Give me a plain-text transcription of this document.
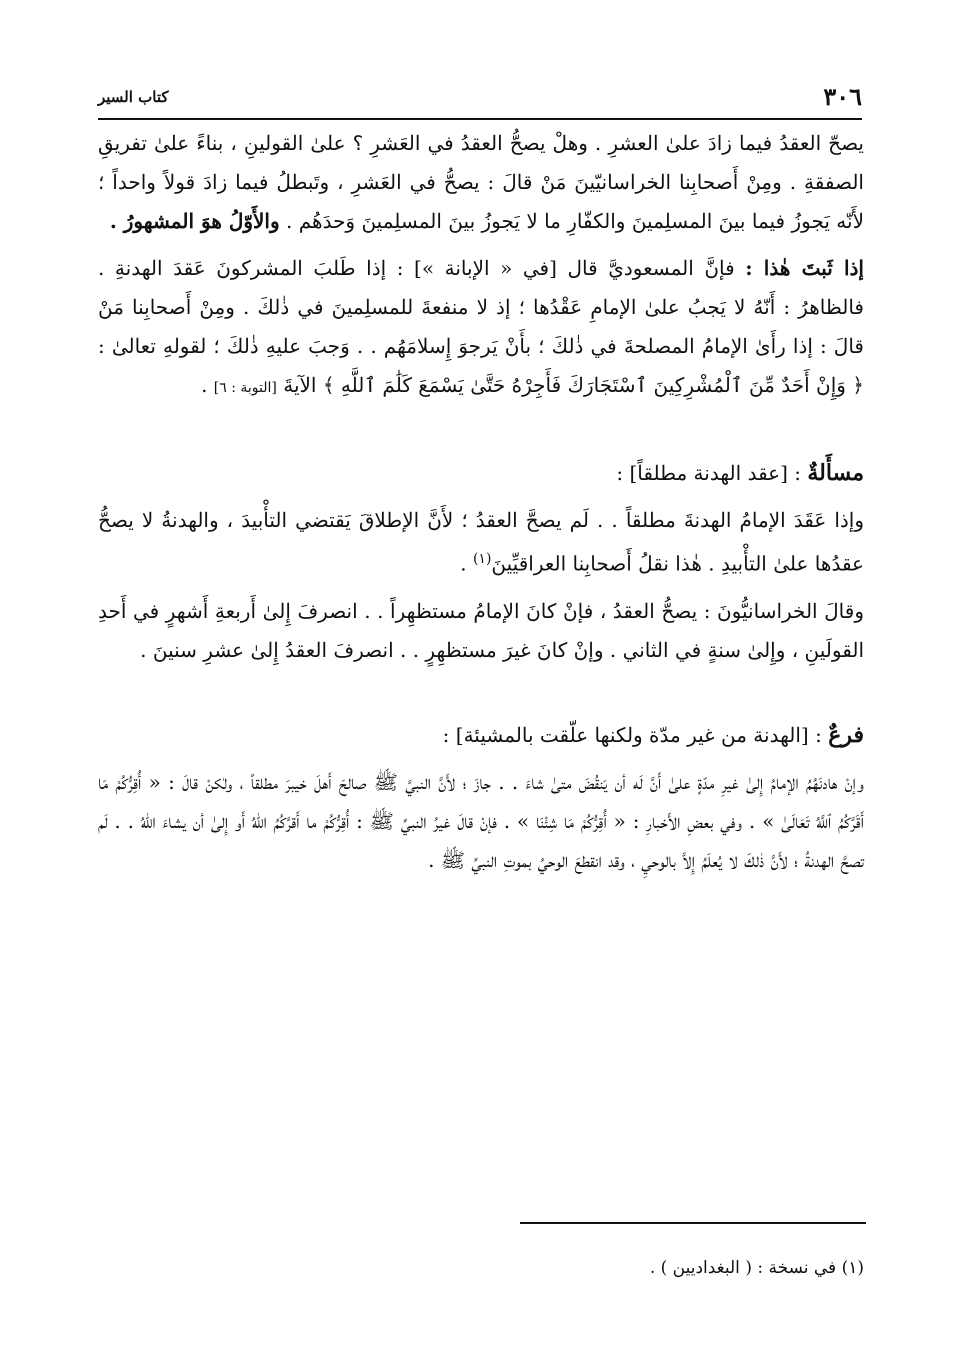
٣٠٦
كتاب السير

يصحّ العقدُ فيما زادَ علىٰ العشرِ . وهلْ يصحُّ العقدُ في العَشرِ ؟ علىٰ القولينِ ، بناءً علىٰ تفريقِ الصفقةِ . ومِنْ أَصحابِنا الخراسانيّينَ مَنْ قالَ : يصحُّ في العَشرِ ، وتَبطلُ فيما زادَ قولاً واحداً ؛ لأَنّه يَجوزُ فيما بينَ المسلِمينَ والكفّارِ ما لا يَجوزُ بينَ المسلِمينَ وَحدَهُم . والأَوّلُ هوَ المشهورُ .

إذا ثَبتَ هٰذا : فإنَّ المسعوديَّ قال [في « الإبانة »] : إذا طَلبَ المشركونَ عَقدَ الهدنةِ . فالظاهرُ : أَنّهُ لا يَجبُ علىٰ الإمامِ عَقْدُها ؛ إذ لا منفعةَ للمسلِمينَ في ذٰلكَ . ومِنْ أَصحابِنا مَنْ قالَ : إذا رأَىٰ الإمامُ المصلحةَ في ذٰلكَ ؛ بأَنْ يَرجوَ إِسلامَهُم . . وَجبَ عليهِ ذٰلكَ ؛ لقولهِ تعالىٰ : ﴿ وَإِنْ أَحَدٌ مِّنَ ٱلْمُشْرِكِينَ ٱسْتَجَارَكَ فَأَجِرْهُ حَتَّىٰ يَسْمَعَ كَلَٰمَ ٱللَّهِ ﴾ الآيةَ [التوبة : ٦] .

مسأَلةٌ : [عقد الهدنة مطلقاً] :

وإذا عَقَدَ الإمامُ الهدنةَ مطلقاً . . لَم يصحَّ العقدُ ؛ لأَنَّ الإطلاقَ يَقتضي التأْبيدَ ، والهدنةُ لا يصحُّ عقدُها علىٰ التأْبيدِ . هٰذا نقلُ أَصحابِنا العراقيِّينَ$^{(١)}$ .

وقالَ الخراسانيُّونَ : يصحُّ العقدُ ، فإنْ كانَ الإمامُ مستظهِراً . . انصرفَ إِلىٰ أَربعةِ أَشهرٍ في أَحدِ القولَينِ ، وإِلىٰ سنةٍ في الثاني . وإنْ كانَ غيرَ مستظهِرٍ . . انصرفَ العقدُ إِلىٰ عشرِ سنينَ .

فرعٌ : [الهدنة من غير مدّة ولكنها علّقت بالمشيئة] :

وإنْ هادنَهُمُ الإمامُ إِلىٰ غيرِ مدّةٍ علىٰ أَنَّ لَه أن يَنقُضَ متىٰ شاءَ . . جازَ ؛ لأَنَّ النبيَّ ﷺ صالحَ أَهلَ خيبرَ مطلقاً ، ولٰكنْ قالَ : « أُقِرُّكُمْ مَا أَقَرَّكُمُ ٱللَّهُ تَعَالَىٰ » . وفي بعضِ الأَخبارِ : « أُقِرُّكُمْ مَا شِئْنَا » . فإنْ قالَ غيرُ النبيِّ ﷺ : أُقِرُّكُمْ ما أَقرَّكُمُ اللهُ أَو إِلىٰ أن يشاءَ اللهُ . . لَم تصحَّ الهدنةُ ؛ لأَنَّ ذٰلكَ لا يُعلَمُ إِلاَّ بالوحيِ ، وقد انقطعَ الوحيُ بموتِ النبيِّ ﷺ .

(١) في نسخة : ( البغداديين ) .
